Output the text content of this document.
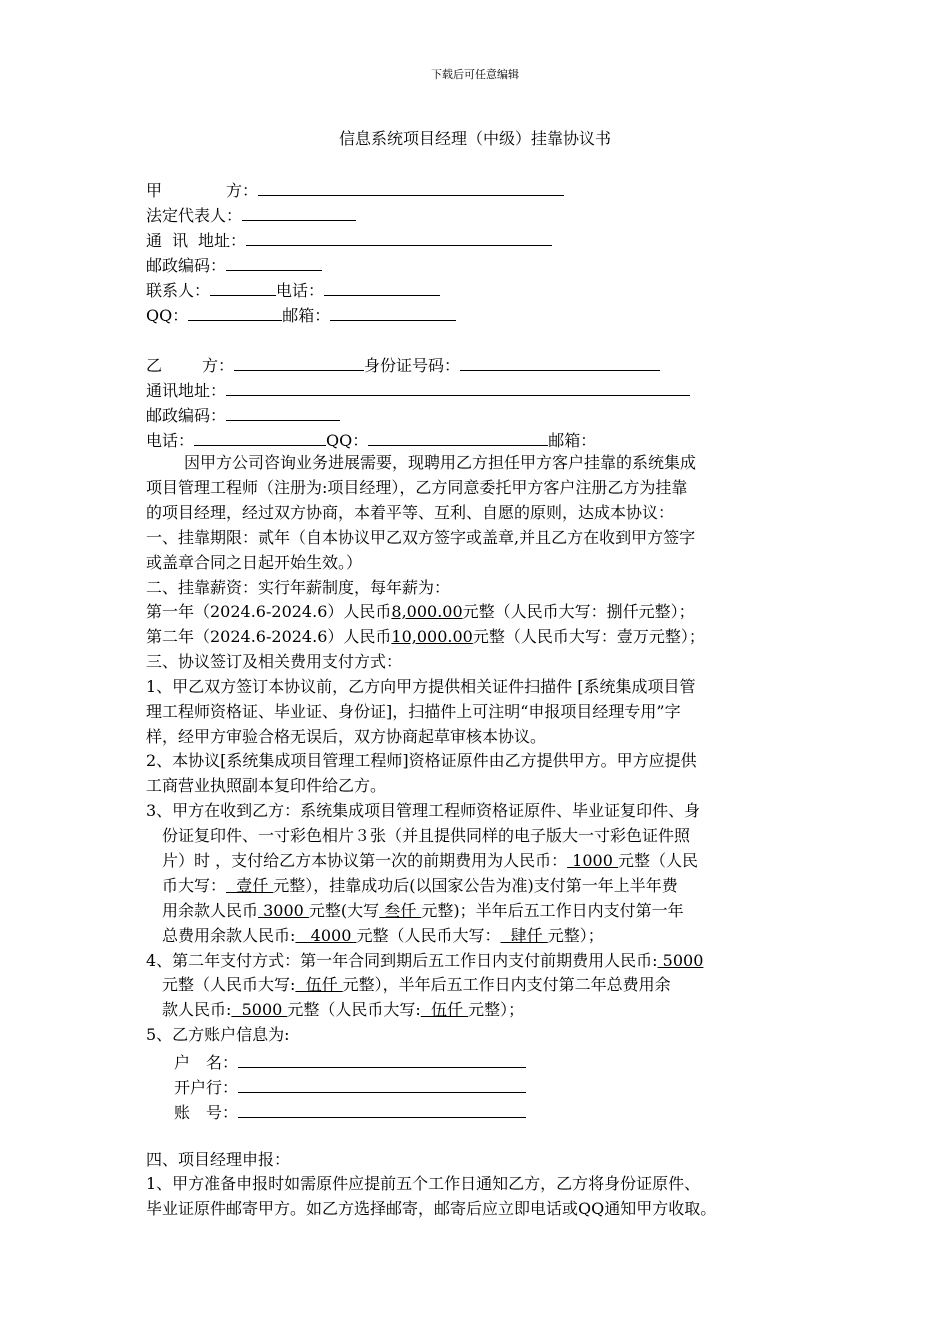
下载后可任意编辑
信息系统项目经理（中级）挂靠协议书
甲	方：
法定代表人：
通 讯 地址：
邮政编码：
联系人：	电话：
QQ：	邮箱：
乙	方：	身份证号码：
通讯地址：
邮政编码：
电话：	QQ：	邮箱：
因甲方公司咨询业务进展需要，现聘用乙方担任甲方客户挂靠的系统集成
项目管理工程师（注册为:项目经理），乙方同意委托甲方客户注册乙方为挂靠
的项目经理，经过双方协商，本着平等、互利、自愿的原则，达成本协议：
一、挂靠期限：贰年（自本协议甲乙双方签字或盖章,并且乙方在收到甲方签字
或盖章合同之日起开始生效。）
二、挂靠薪资：实行年薪制度，每年薪为：
第一年（2024.6-2024.6）人民币8,000.00元整（人民币大写：捌仟元整）；
第二年（2024.6-2024.6）人民币10,000.00元整（人民币大写：壹万元整）；
三、协议签订及相关费用支付方式：
1、甲乙双方签订本协议前，乙方向甲方提供相关证件扫描件 [系统集成项目管
理工程师资格证、毕业证、身份证]，扫描件上可注明“申报项目经理专用”字
样，经甲方审验合格无误后，双方协商起草审核本协议。
2、本协议[系统集成项目管理工程师]资格证原件由乙方提供甲方。甲方应提供
工商营业执照副本复印件给乙方。
3、甲方在收到乙方：系统集成项目管理工程师资格证原件、毕业证复印件、身
份证复印件、一寸彩色相片３张（并且提供同样的电子版大一寸彩色证件照
片）时 ，支付给乙方本协议第一次的前期费用为人民币： 1000 元整（人民
币大写：  壹仟 元整），挂靠成功后(以国家公告为准)支付第一年上半年费
用余款人民币 3000 元整(大写 叁仟 元整)；半年后五工作日内支付第一年
总费用余款人民币:   4000 元整（人民币大写：  肆仟 元整）；
4、第二年支付方式：第一年合同到期后五工作日内支付前期费用人民币: 5000
元整（人民币大写:  伍仟 元整），半年后五工作日内支付第二年总费用余
款人民币:  5000 元整（人民币大写:  伍仟 元整）；
5、乙方账户信息为:
户 名：
开户行：
账 号：
四、项目经理申报：
1、甲方准备申报时如需原件应提前五个工作日通知乙方，乙方将身份证原件、
毕业证原件邮寄甲方。如乙方选择邮寄，邮寄后应立即电话或QQ通知甲方收取。
